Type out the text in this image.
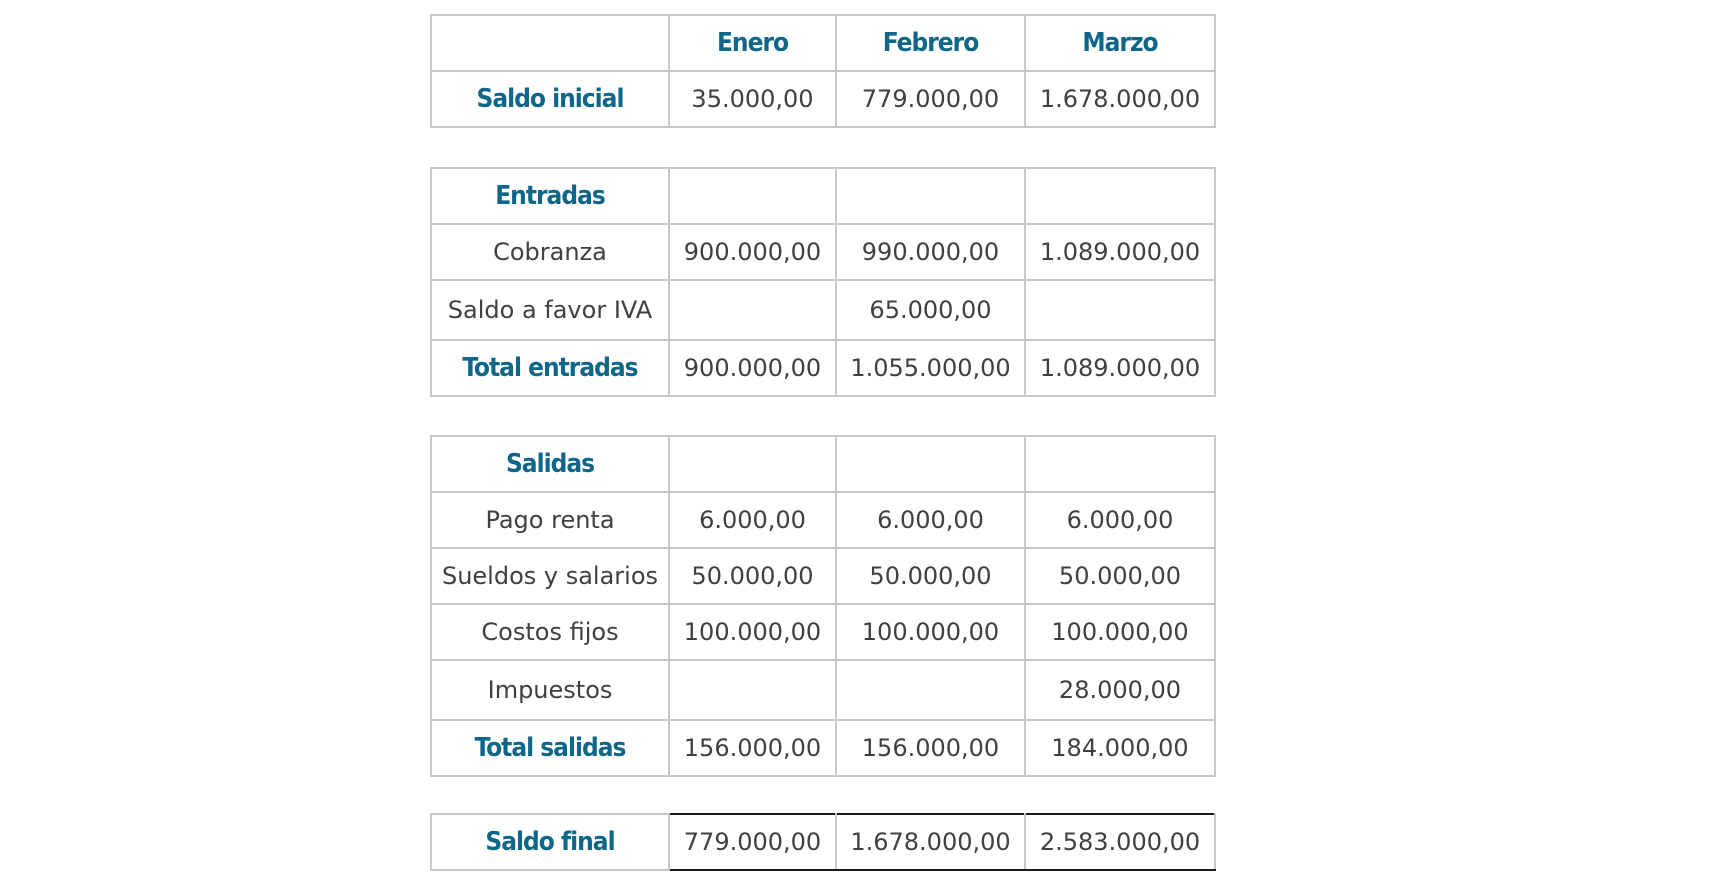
	Enero	Febrero	Marzo
Saldo inicial	35.000,00	779.000,00	1.678.000,00
Entradas			
Cobranza	900.000,00	990.000,00	1.089.000,00
Saldo a favor IVA		65.000,00	
Total entradas	900.000,00	1.055.000,00	1.089.000,00
Salidas			
Pago renta	6.000,00	6.000,00	6.000,00
Sueldos y salarios	50.000,00	50.000,00	50.000,00
Costos fijos	100.000,00	100.000,00	100.000,00
Impuestos			28.000,00
Total salidas	156.000,00	156.000,00	184.000,00
Saldo final	779.000,00	1.678.000,00	2.583.000,00
